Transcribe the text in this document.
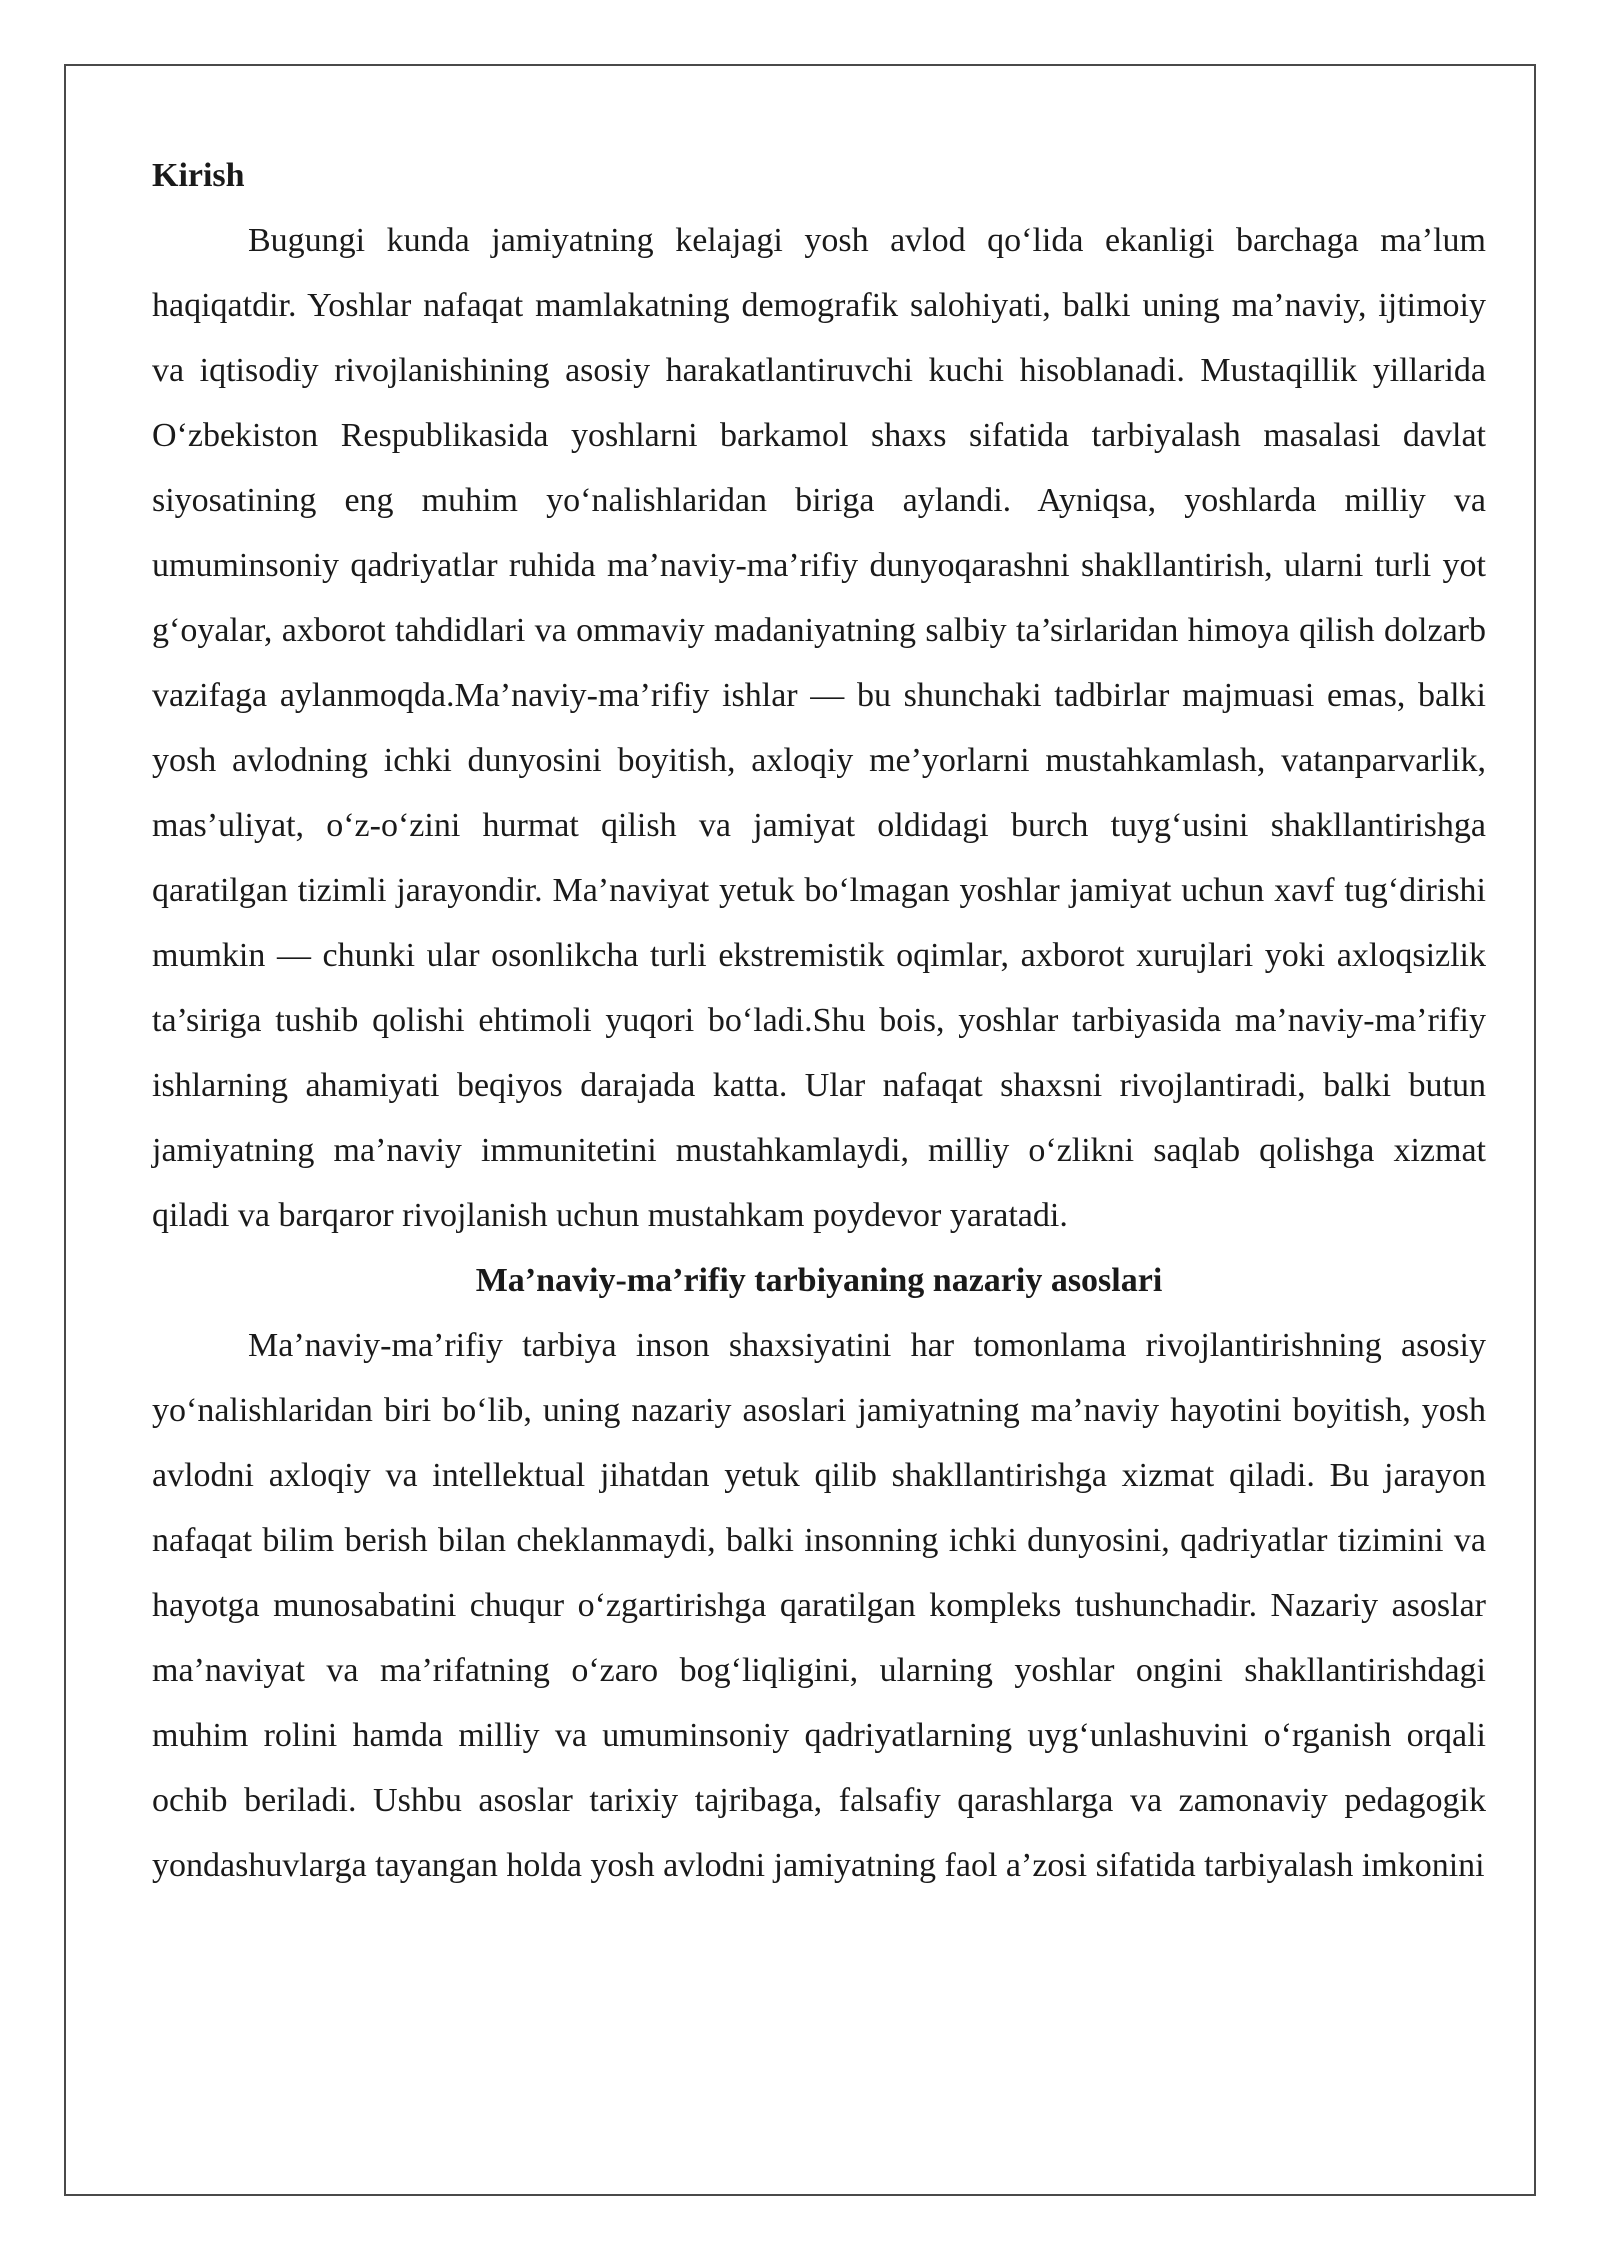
Kirish

Bugungi kunda jamiyatning kelajagi yosh avlod qo‘lida ekanligi barchaga ma’lum haqiqatdir. Yoshlar nafaqat mamlakatning demografik salohiyati, balki uning ma’naviy, ijtimoiy va iqtisodiy rivojlanishining asosiy harakatlantiruvchi kuchi hisoblanadi. Mustaqillik yillarida O‘zbekiston Respublikasida yoshlarni barkamol shaxs sifatida tarbiyalash masalasi davlat siyosatining eng muhim yo‘nalishlaridan biriga aylandi. Ayniqsa, yoshlarda milliy va umuminsoniy qadriyatlar ruhida ma’naviy-ma’rifiy dunyoqarashni shakllantirish, ularni turli yot g‘oyalar, axborot tahdidlari va ommaviy madaniyatning salbiy ta’sirlaridan himoya qilish dolzarb vazifaga aylanmoqda.Ma’naviy-ma’rifiy ishlar — bu shunchaki tadbirlar majmuasi emas, balki yosh avlodning ichki dunyosini boyitish, axloqiy me’yorlarni mustahkamlash, vatanparvarlik, mas’uliyat, o‘z-o‘zini hurmat qilish va jamiyat oldidagi burch tuyg‘usini shakllantirishga qaratilgan tizimli jarayondir. Ma’naviyat yetuk bo‘lmagan yoshlar jamiyat uchun xavf tug‘dirishi mumkin — chunki ular osonlikcha turli ekstremistik oqimlar, axborot xurujlari yoki axloqsizlik ta’siriga tushib qolishi ehtimoli yuqori bo‘ladi.Shu bois, yoshlar tarbiyasida ma’naviy-ma’rifiy ishlarning ahamiyati beqiyos darajada katta. Ular nafaqat shaxsni rivojlantiradi, balki butun jamiyatning ma’naviy immunitetini mustahkamlaydi, milliy o‘zlikni saqlab qolishga xizmat qiladi va barqaror rivojlanish uchun mustahkam poydevor yaratadi.

Ma’naviy-ma’rifiy tarbiyaning nazariy asoslari

Ma’naviy-ma’rifiy tarbiya inson shaxsiyatini har tomonlama rivojlantirishning asosiy yo‘nalishlaridan biri bo‘lib, uning nazariy asoslari jamiyatning ma’naviy hayotini boyitish, yosh avlodni axloqiy va intellektual jihatdan yetuk qilib shakllantirishga xizmat qiladi. Bu jarayon nafaqat bilim berish bilan cheklanmaydi, balki insonning ichki dunyosini, qadriyatlar tizimini va hayotga munosabatini chuqur o‘zgartirishga qaratilgan kompleks tushunchadir. Nazariy asoslar ma’naviyat va ma’rifatning o‘zaro bog‘liqligini, ularning yoshlar ongini shakllantirishdagi muhim rolini hamda milliy va umuminsoniy qadriyatlarning uyg‘unlashuvini o‘rganish orqali ochib beriladi. Ushbu asoslar tarixiy tajribaga, falsafiy qarashlarga va zamonaviy pedagogik yondashuvlarga tayangan holda yosh avlodni jamiyatning faol a’zosi sifatida tarbiyalash imkonini
